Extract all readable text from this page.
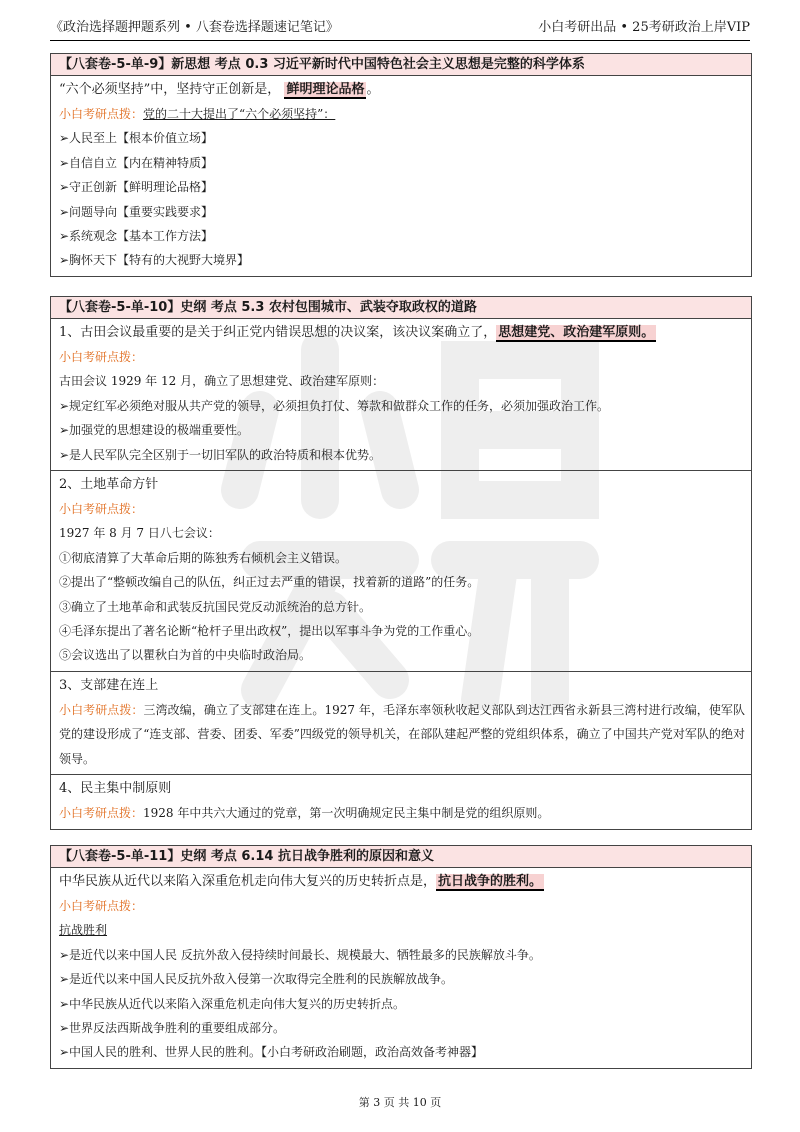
《政治选择题押题系列 • 八套卷选择题速记笔记》	小白考研出品 • 25考研政治上岸VIP
【八套卷-5-单-9】新思想 考点 0.3 习近平新时代中国特色社会主义思想是完整的科学体系
“六个必须坚持”中，坚持守正创新是， 鲜明理论品格 。
小白考研点拨：党的二十大提出了“六个必须坚持”：
➢人民至上【根本价值立场】
➢自信自立【内在精神特质】
➢守正创新【鲜明理论品格】
➢问题导向【重要实践要求】
➢系统观念【基本工作方法】
➢胸怀天下【特有的大视野大境界】
【八套卷-5-单-10】史纲 考点 5.3 农村包围城市、武装夺取政权的道路
1、古田会议最重要的是关于纠正党内错误思想的决议案，该决议案确立了， 思想建党、政治建军原则。
小白考研点拨：
古田会议 1929 年 12 月，确立了思想建党、政治建军原则：
➢规定红军必须绝对服从共产党的领导，必须担负打仗、筹款和做群众工作的任务，必须加强政治工作。
➢加强党的思想建设的极端重要性。
➢是人民军队完全区别于一切旧军队的政治特质和根本优势。
2、土地革命方针
小白考研点拨：
1927 年 8 月 7 日八七会议：
①彻底清算了大革命后期的陈独秀右倾机会主义错误。
②提出了“整顿改编自己的队伍，纠正过去严重的错误，找着新的道路”的任务。
③确立了土地革命和武装反抗国民党反动派统治的总方针。
④毛泽东提出了著名论断“枪杆子里出政权”，提出以军事斗争为党的工作重心。
⑤会议选出了以瞿秋白为首的中央临时政治局。
3、支部建在连上
小白考研点拨：三湾改编，确立了支部建在连上。1927 年，毛泽东率领秋收起义部队到达江西省永新县三湾村进行改编，使军队党的建设形成了“连支部、营委、团委、军委”四级党的领导机关，在部队建起严整的党组织体系，确立了中国共产党对军队的绝对领导。
4、民主集中制原则
小白考研点拨：1928 年中共六大通过的党章，第一次明确规定民主集中制是党的组织原则。
【八套卷-5-单-11】史纲 考点 6.14 抗日战争胜利的原因和意义
中华民族从近代以来陷入深重危机走向伟大复兴的历史转折点是， 抗日战争的胜利。
小白考研点拨：
抗战胜利
➢是近代以来中国人民 反抗外敌入侵持续时间最长、规模最大、牺牲最多的民族解放斗争。
➢是近代以来中国人民反抗外敌入侵第一次取得完全胜利的民族解放战争。
➢中华民族从近代以来陷入深重危机走向伟大复兴的历史转折点。
➢世界反法西斯战争胜利的重要组成部分。
➢中国人民的胜利、世界人民的胜利。【小白考研政治刷题，政治高效备考神器】
第 3 页 共 10 页
